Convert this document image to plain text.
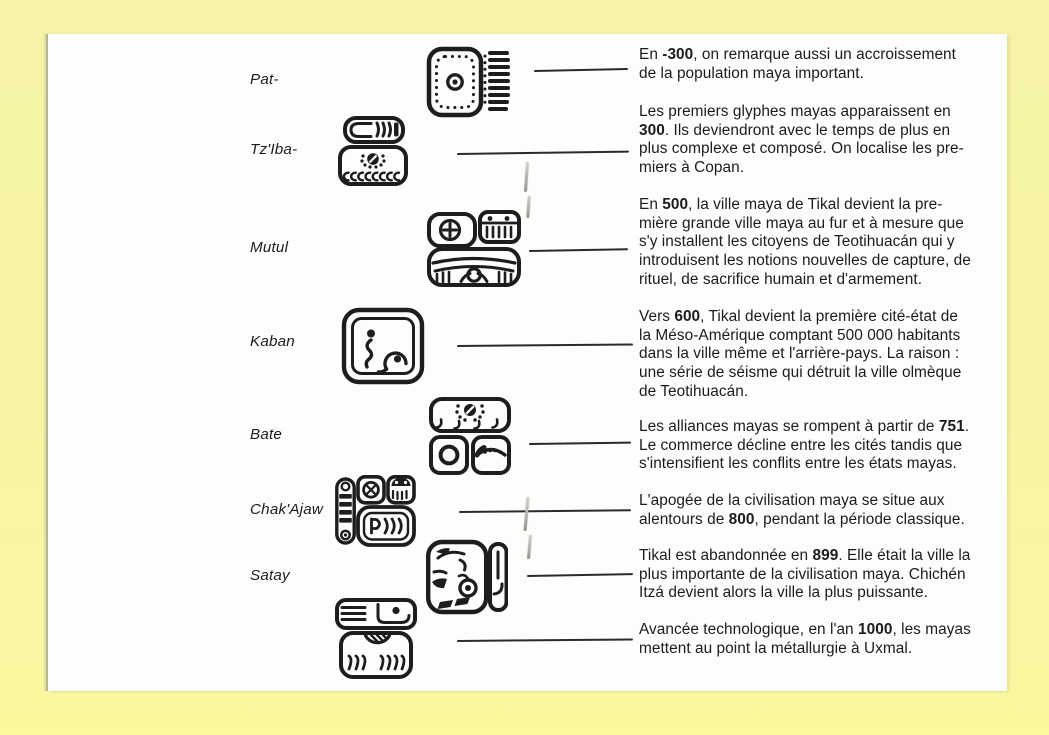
Pat-
En -300, on remarque aussi un accroissement
de la population maya important.
Tz'Iba-
Les premiers glyphes mayas apparaissent en
300. Ils deviendront avec le temps de plus en
plus complexe et composé. On localise les pre-
miers à Copan.
Mutul
En 500, la ville maya de Tikal devient la pre-
mière grande ville maya au fur et à mesure que
s'y installent les citoyens de Teotihuacán qui y
introduisent les notions nouvelles de capture, de
rituel, de sacrifice humain et d'armement.
Kaban
Vers 600, Tikal devient la première cité-état de
la Méso-Amérique comptant 500 000 habitants
dans la ville même et l'arrière-pays. La raison :
une série de séisme qui détruit la ville olmèque
de Teotihuacán.
Bate	Les alliances mayas se rompent à partir de 751.
Le commerce décline entre les cités tandis que
s'intensifient les conflits entre les états mayas.
Chak'Ajaw
L'apogée de la civilisation maya se situe aux
alentours de 800, pendant la période classique.
Satay
Tikal est abandonnée en 899. Elle était la ville la
plus importante de la civilisation maya. Chichén
Itzá devient alors la ville la plus puissante.
Avancée technologique, en l'an 1000, les mayas
mettent au point la métallurgie à Uxmal.
